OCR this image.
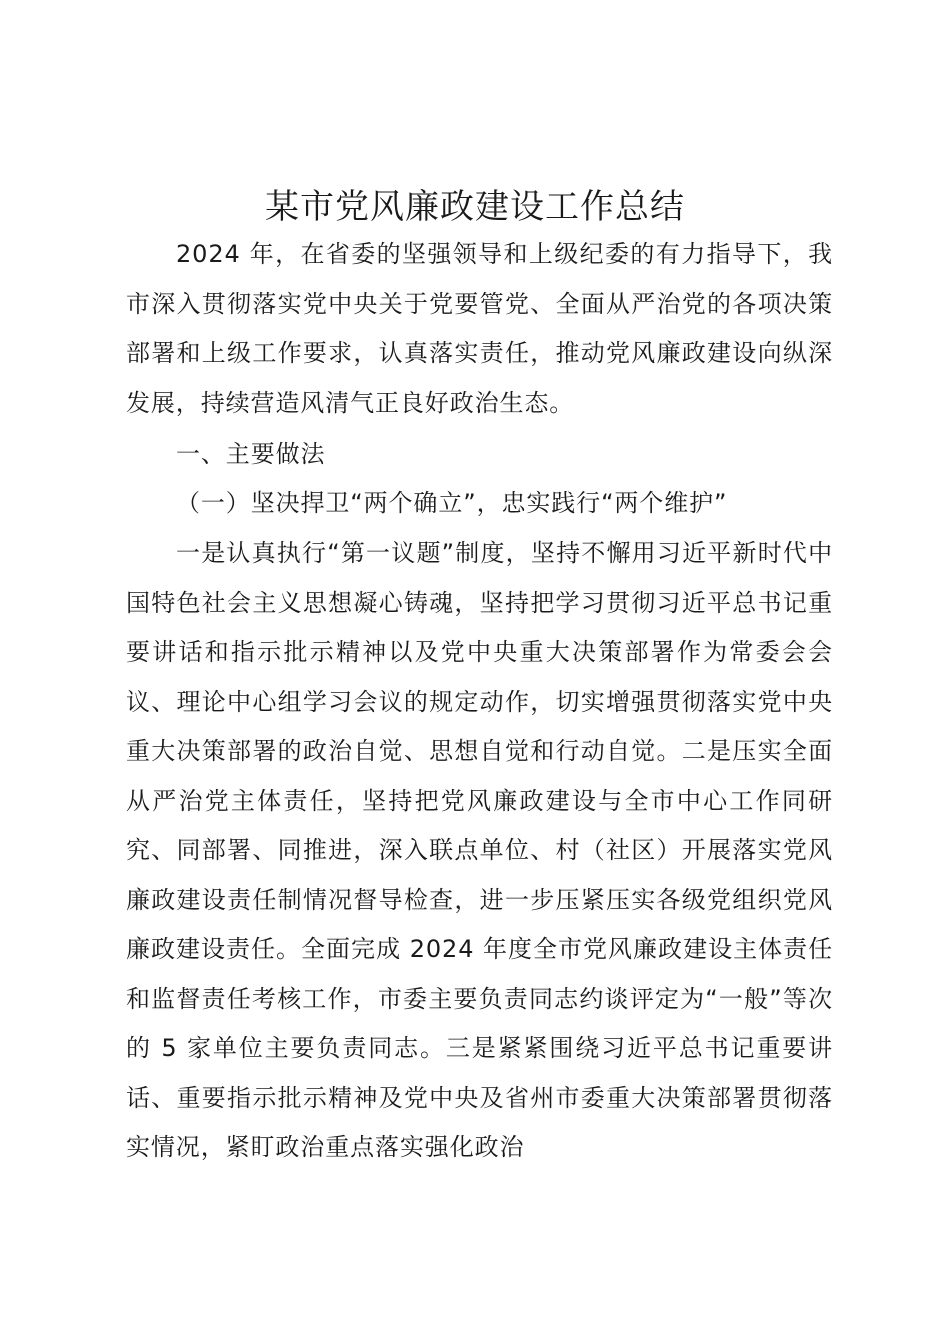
某市党风廉政建设工作总结

2024 年，在省委的坚强领导和上级纪委的有力指导下，我市深入贯彻落实党中央关于党要管党、全面从严治党的各项决策部署和上级工作要求，认真落实责任，推动党风廉政建设向纵深发展，持续营造风清气正良好政治生态。

一、主要做法

（一）坚决捍卫“两个确立”，忠实践行“两个维护”

一是认真执行“第一议题”制度，坚持不懈用习近平新时代中国特色社会主义思想凝心铸魂，坚持把学习贯彻习近平总书记重要讲话和指示批示精神以及党中央重大决策部署作为常委会会议、理论中心组学习会议的规定动作，切实增强贯彻落实党中央重大决策部署的政治自觉、思想自觉和行动自觉。二是压实全面从严治党主体责任，坚持把党风廉政建设与全市中心工作同研究、同部署、同推进，深入联点单位、村（社区）开展落实党风廉政建设责任制情况督导检查，进一步压紧压实各级党组织党风廉政建设责任。全面完成 2024 年度全市党风廉政建设主体责任和监督责任考核工作，市委主要负责同志约谈评定为“一般”等次的 5 家单位主要负责同志。三是紧紧围绕习近平总书记重要讲话、重要指示批示精神及党中央及省州市委重大决策部署贯彻落实情况，紧盯政治重点落实强化政治
